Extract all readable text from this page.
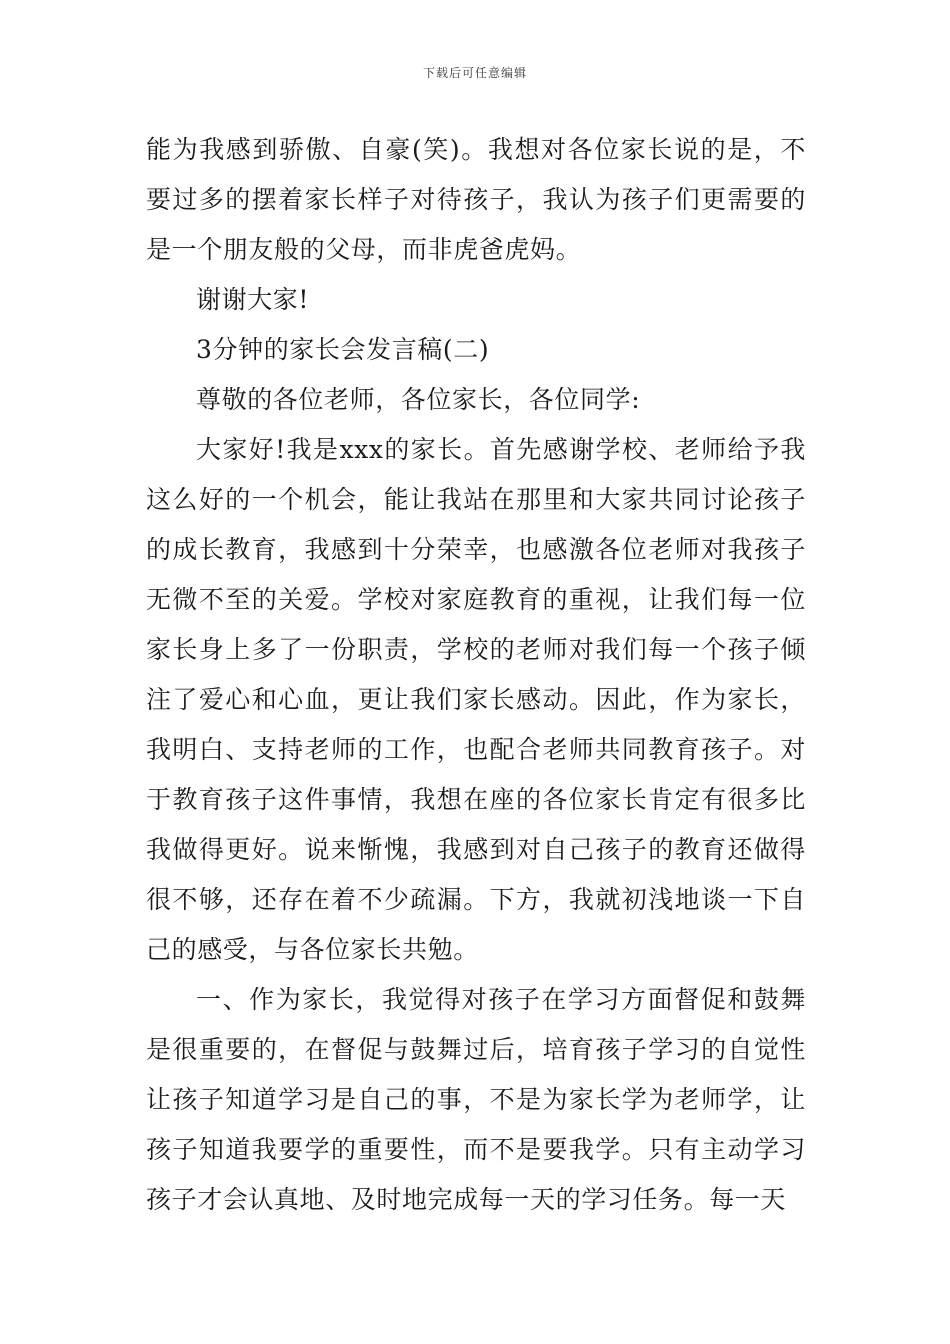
下载后可任意编辑

能为我感到骄傲、自豪(笑)。我想对各位家长说的是，不要过多的摆着家长样子对待孩子，我认为孩子们更需要的是一个朋友般的父母，而非虎爸虎妈。

谢谢大家!

3分钟的家长会发言稿(二)

尊敬的各位老师，各位家长，各位同学:

大家好!我是xxx的家长。首先感谢学校、老师给予我这么好的一个机会，能让我站在那里和大家共同讨论孩子的成长教育，我感到十分荣幸，也感激各位老师对我孩子无微不至的关爱。学校对家庭教育的重视，让我们每一位家长身上多了一份职责，学校的老师对我们每一个孩子倾注了爱心和心血，更让我们家长感动。因此，作为家长，我明白、支持老师的工作，也配合老师共同教育孩子。对于教育孩子这件事情，我想在座的各位家长肯定有很多比我做得更好。说来惭愧，我感到对自己孩子的教育还做得很不够，还存在着不少疏漏。下方，我就初浅地谈一下自己的感受，与各位家长共勉。

一、作为家长，我觉得对孩子在学习方面督促和鼓舞是很重要的，在督促与鼓舞过后，培育孩子学习的自觉性让孩子知道学习是自己的事，不是为家长学为老师学，让孩子知道我要学的重要性，而不是要我学。只有主动学习孩子才会认真地、及时地完成每一天的学习任务。每一天
